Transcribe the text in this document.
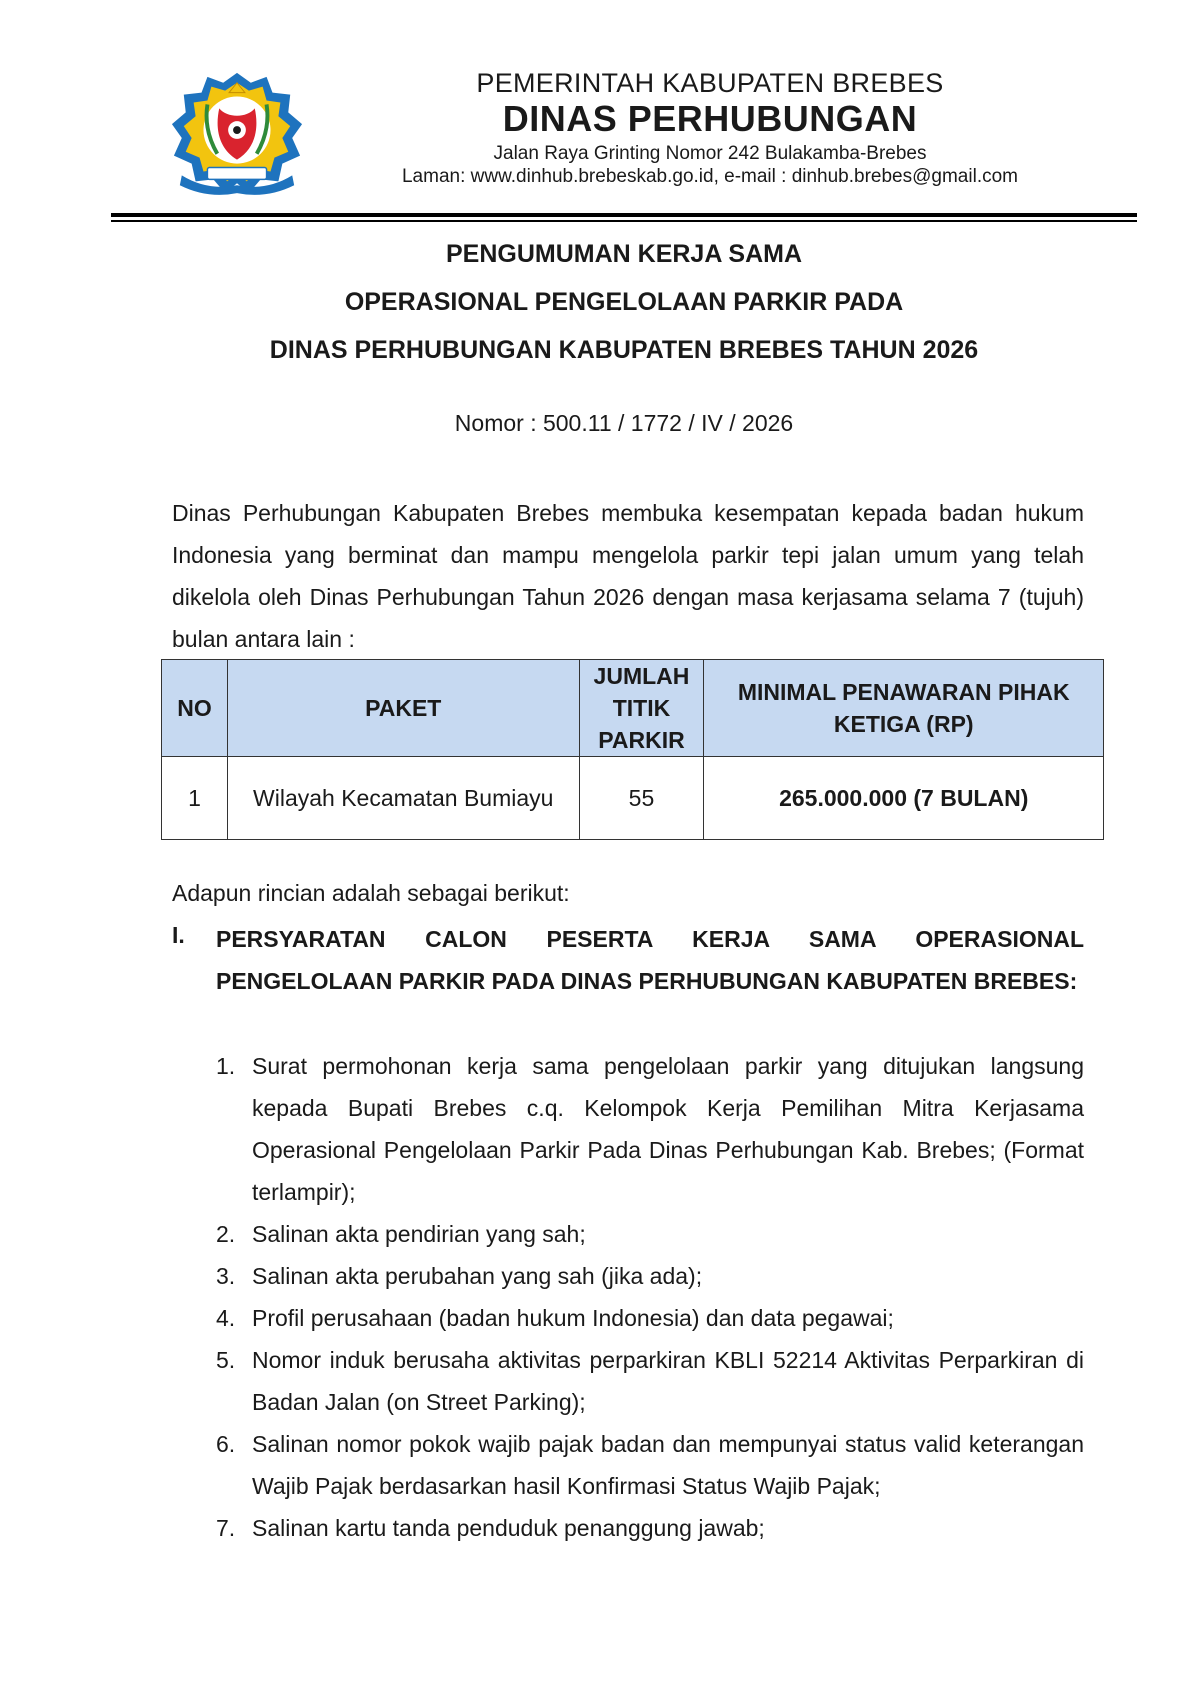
PEMERINTAH KABUPATEN BREBES
DINAS PERHUBUNGAN
Jalan Raya Grinting Nomor 242 Bulakamba-Brebes
Laman: www.dinhub.brebeskab.go.id, e-mail : dinhub.brebes@gmail.com
PENGUMUMAN KERJA SAMA
OPERASIONAL PENGELOLAAN PARKIR PADA
DINAS PERHUBUNGAN KABUPATEN BREBES TAHUN 2026
Nomor : 500.11 / 1772 / IV / 2026

Dinas Perhubungan Kabupaten Brebes membuka kesempatan kepada badan hukum Indonesia yang berminat dan mampu mengelola parkir tepi jalan umum yang telah dikelola oleh Dinas Perhubungan Tahun 2026 dengan masa kerjasama selama 7 (tujuh) bulan antara lain :

NO	PAKET	JUMLAH TITIK PARKIR	MINIMAL PENAWARAN PIHAK KETIGA (RP)
1	Wilayah Kecamatan Bumiayu	55	265.000.000 (7 BULAN)
Adapun rincian adalah sebagai berikut:
I. PERSYARATAN CALON PESERTA KERJA SAMA OPERASIONAL PENGELOLAAN PARKIR PADA DINAS PERHUBUNGAN KABUPATEN BREBES:

1. Surat permohonan kerja sama pengelolaan parkir yang ditujukan langsung kepada Bupati Brebes c.q. Kelompok Kerja Pemilihan Mitra Kerjasama Operasional Pengelolaan Parkir Pada Dinas Perhubungan Kab. Brebes; (Format terlampir);
2. Salinan akta pendirian yang sah;
3. Salinan akta perubahan yang sah (jika ada);
4. Profil perusahaan (badan hukum Indonesia) dan data pegawai;
5. Nomor induk berusaha aktivitas perparkiran KBLI 52214 Aktivitas Perparkiran di Badan Jalan (on Street Parking);
6. Salinan nomor pokok wajib pajak badan dan mempunyai status valid keterangan Wajib Pajak berdasarkan hasil Konfirmasi Status Wajib Pajak;
7. Salinan kartu tanda penduduk penanggung jawab;
